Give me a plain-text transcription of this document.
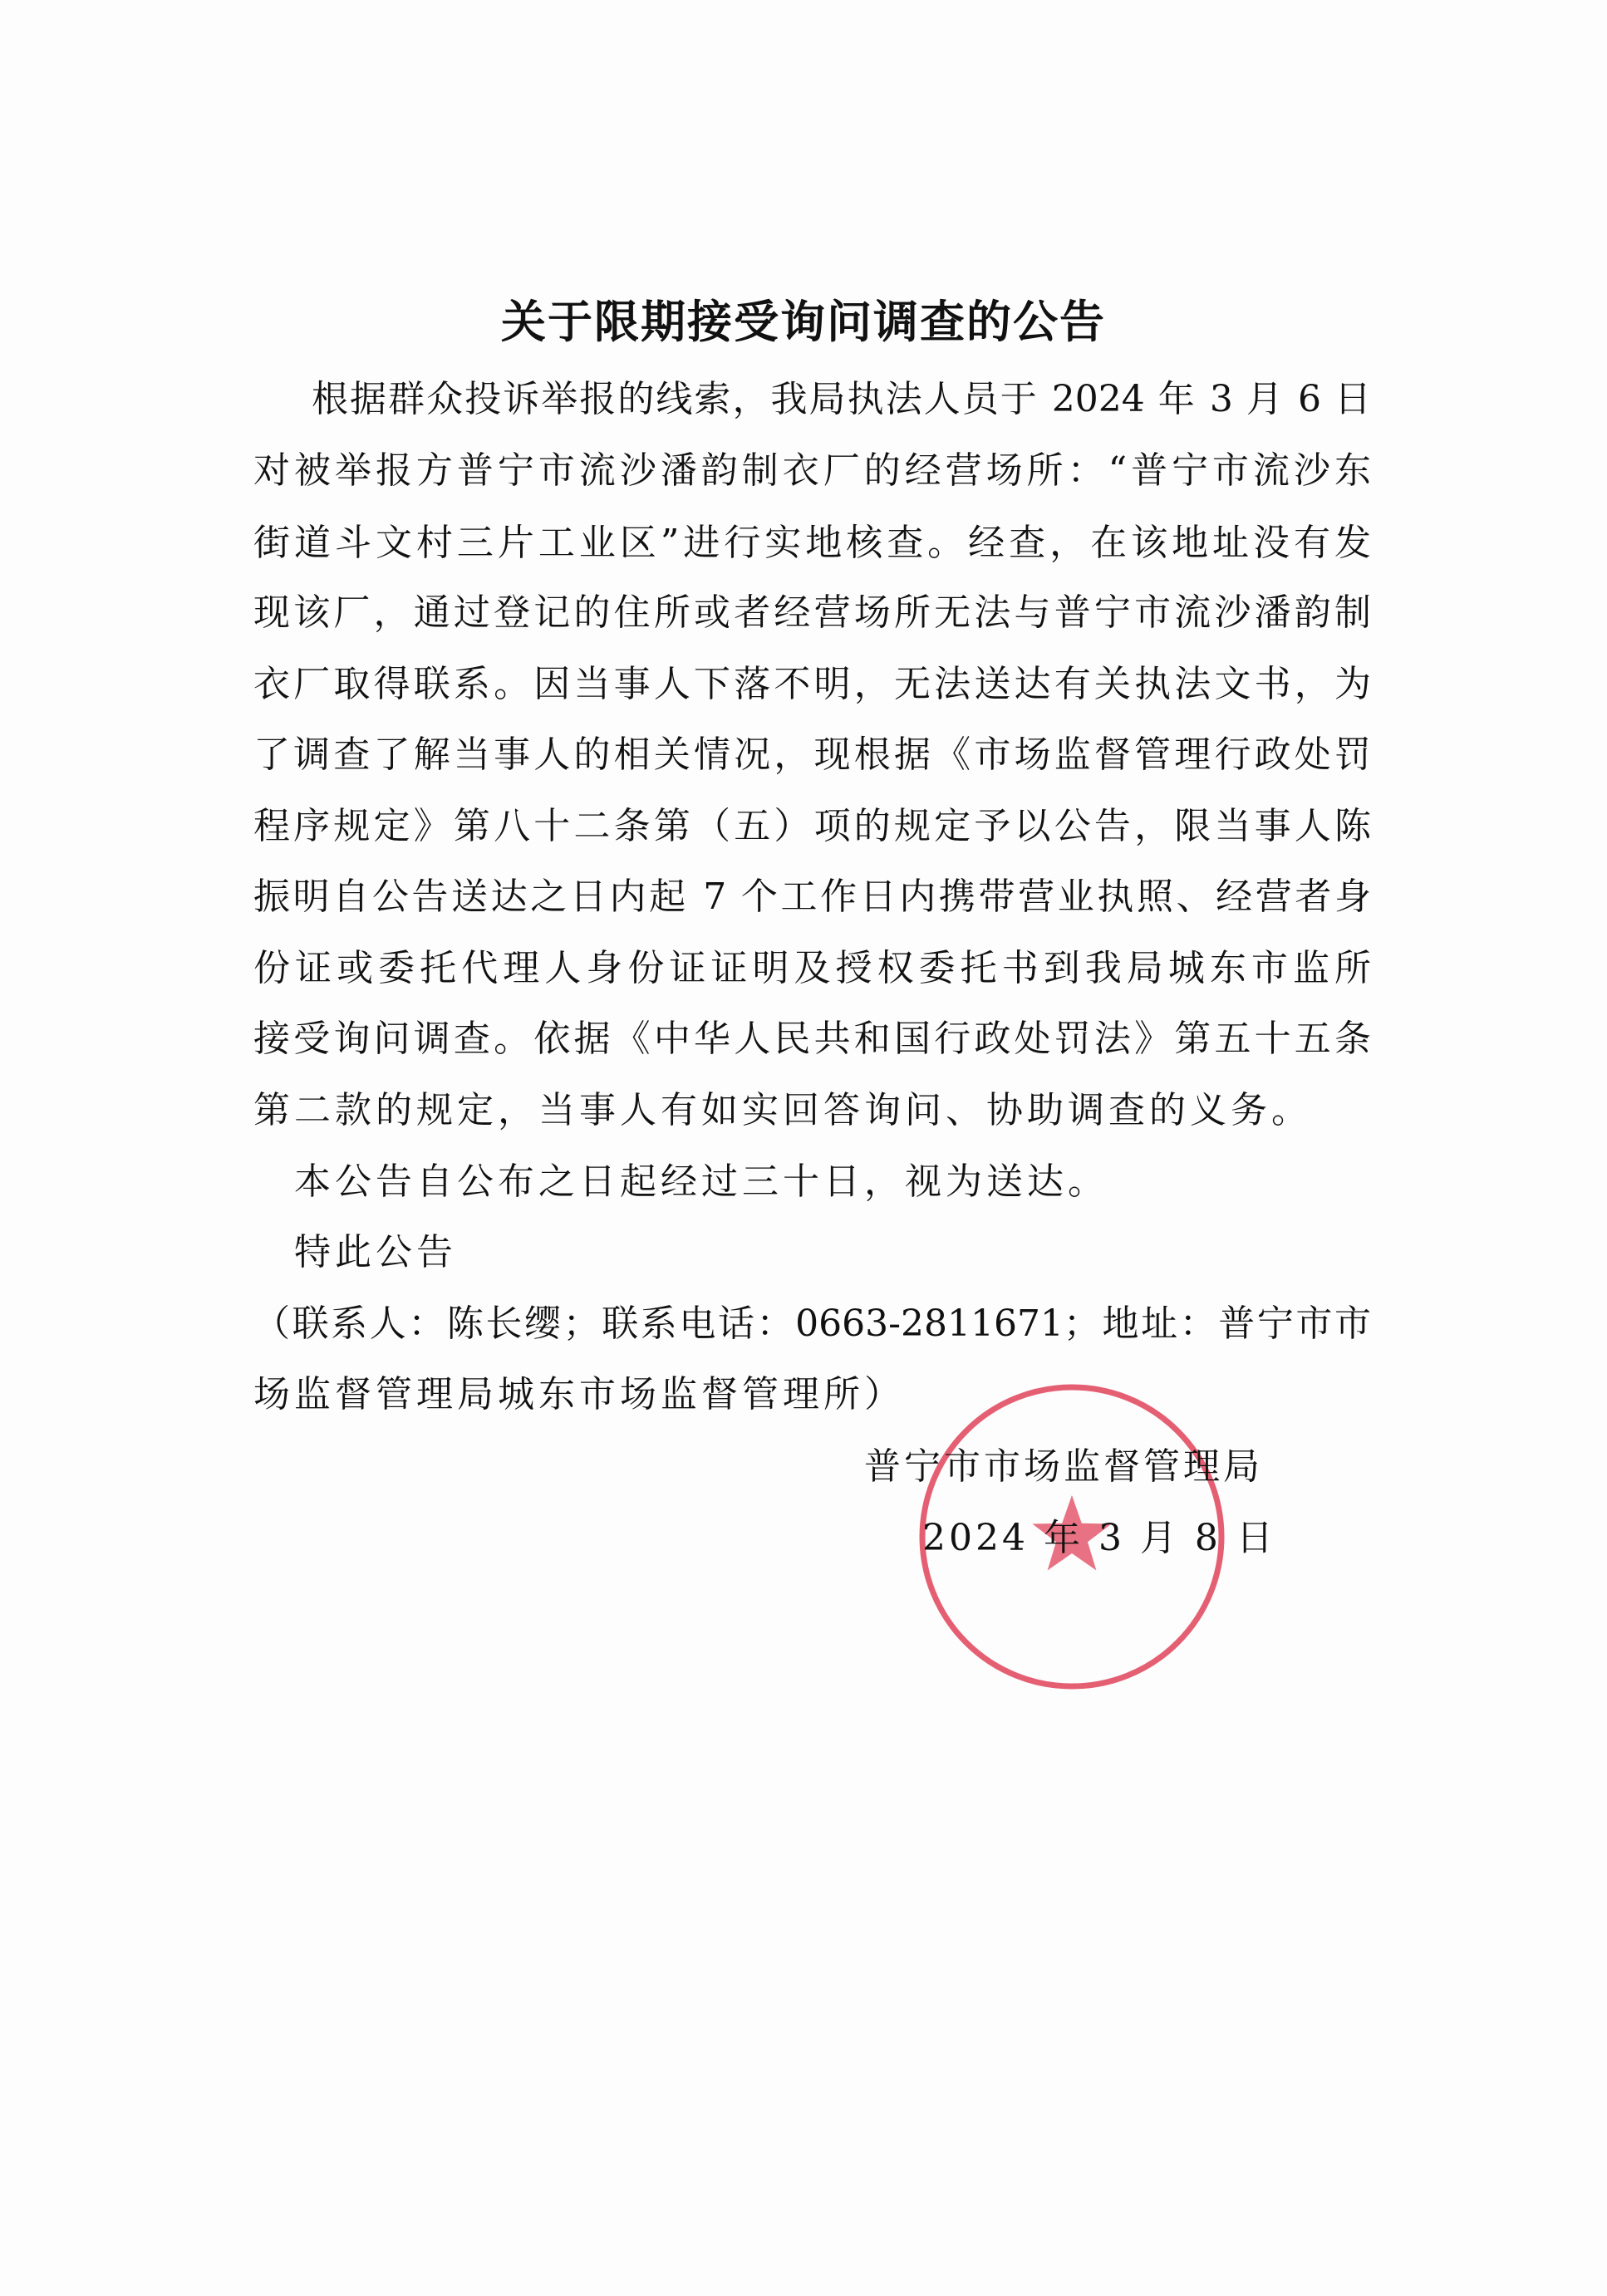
关于限期接受询问调查的公告
根据群众投诉举报的线索，我局执法人员于 2024 年 3 月 6 日
对被举报方普宁市流沙潘韵制衣厂的经营场所：“普宁市流沙东
街道斗文村三片工业区”进行实地核查。经查，在该地址没有发
现该厂，通过登记的住所或者经营场所无法与普宁市流沙潘韵制
衣厂取得联系。因当事人下落不明，无法送达有关执法文书，为
了调查了解当事人的相关情况，现根据《市场监督管理行政处罚
程序规定》第八十二条第（五）项的规定予以公告，限当事人陈
振明自公告送达之日内起 7 个工作日内携带营业执照、经营者身
份证或委托代理人身份证证明及授权委托书到我局城东市监所
接受询问调查。依据《中华人民共和国行政处罚法》第五十五条
第二款的规定，当事人有如实回答询问、协助调查的义务。
本公告自公布之日起经过三十日，视为送达。
特此公告
（联系人：陈长缨；联系电话：0663-2811671；地址：普宁市市
场监督管理局城东市场监督管理所）
普宁市市场监督管理局
2024 年 3 月 8 日
